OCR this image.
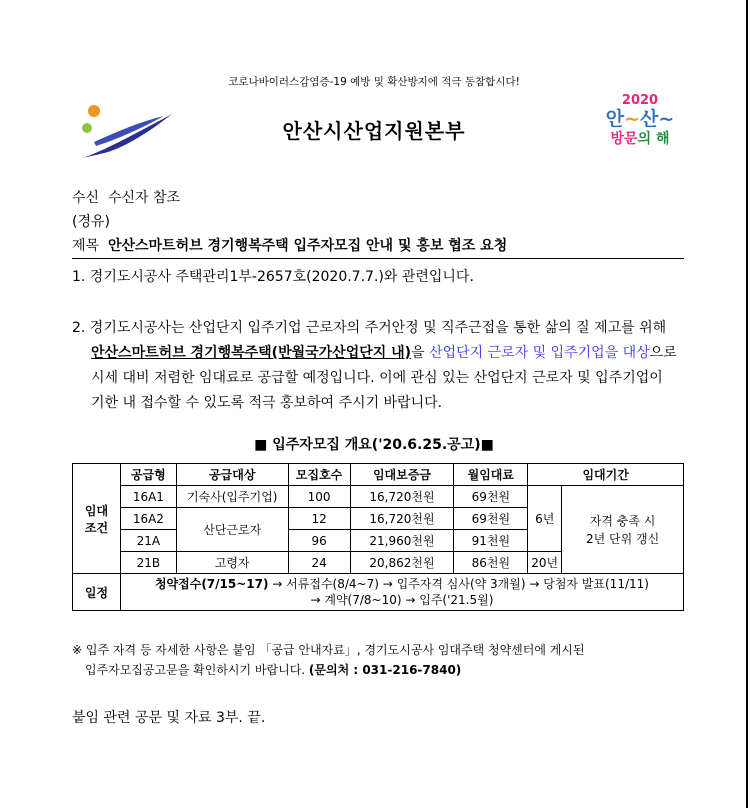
코로나바이러스감염증-19 예방 및 확산방지에 적극 동참합시다!
안산시산업지원본부
2020
안~산~
방문의 해
수신 수신자 참조
(경유)
제목 안산스마트허브 경기행복주택 입주자모집 안내 및 홍보 협조 요청
1. 경기도시공사 주택관리1부-2657호(2020.7.7.)와 관련입니다.
2. 경기도시공사는 산업단지 입주기업 근로자의 주거안정 및 직주근접을 통한 삶의 질 제고를 위해
안산스마트허브 경기행복주택(반월국가산업단지 내)을 산업단지 근로자 및 입주기업을 대상으로
시세 대비 저렴한 임대료로 공급할 예정입니다. 이에 관심 있는 산업단지 근로자 및 입주기업이
기한 내 접수할 수 있도록 적극 홍보하여 주시기 바랍니다.
■ 입주자모집 개요('20.6.25.공고)■
임대
조건	공급형	공급대상	모집호수	임대보증금	월임대료	임대기간	
	16A1	기숙사(입주기업)	100	16,720천원	69천원	6년	자격 충족 시
2년 단위 갱신
	16A2	산단근로자	12	16,720천원	69천원		
	21A		96	21,960천원	91천원		
	21B	고령자	24	20,862천원	86천원	20년	
일정	청약접수(7/15~17) → 서류접수(8/4~7) → 입주자격 심사(약 3개월) → 당첨자 발표(11/11)
→ 계약(7/8~10) → 입주('21.5월)						
※ 입주 자격 등 자세한 사항은 붙임 「공급 안내자료」, 경기도시공사 임대주택 청약센터에 게시된
입주자모집공고문을 확인하시기 바랍니다. (문의처 : 031-216-7840)
붙임 관련 공문 및 자료 3부. 끝.
